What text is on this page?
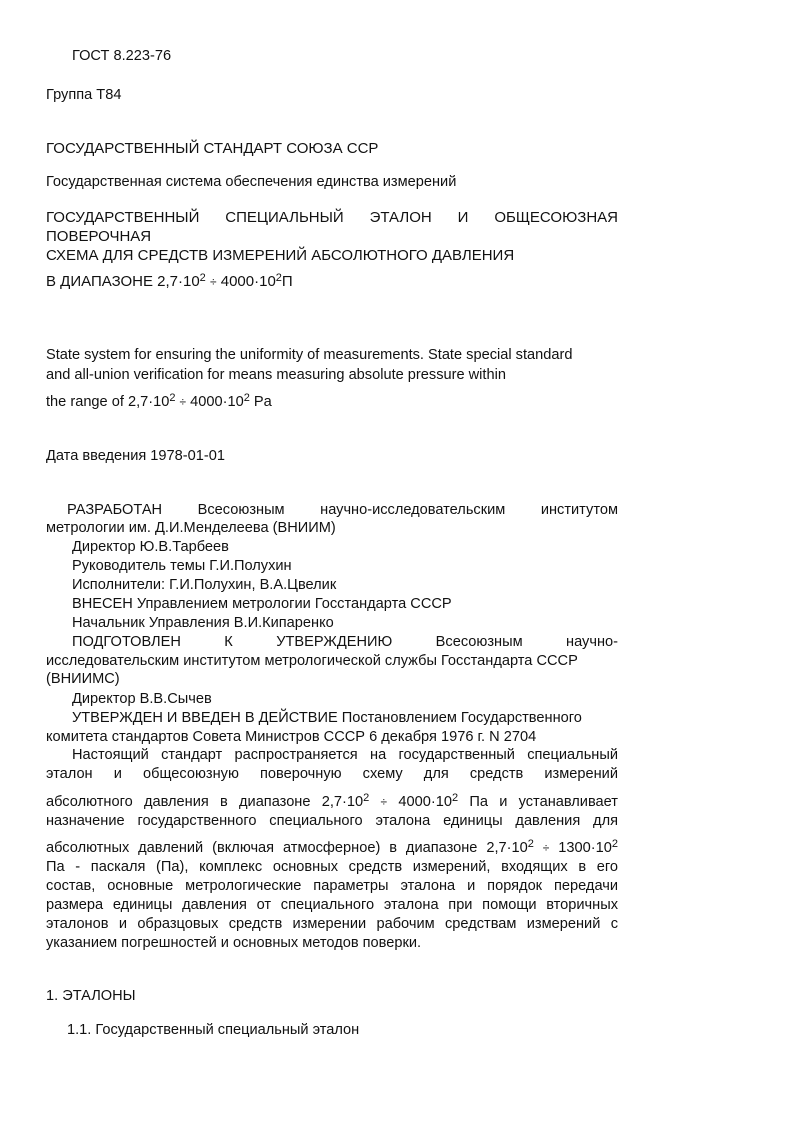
ГОСТ 8.223-76
Группа Т84
ГОСУДАРСТВЕННЫЙ СТАНДАРТ СОЮЗА ССР
Государственная система обеспечения единства измерений
ГОСУДАРСТВЕННЫЙ СПЕЦИАЛЬНЫЙ ЭТАЛОН И ОБЩЕСОЮЗНАЯ
ПОВЕРОЧНАЯ
СХЕМА ДЛЯ СРЕДСТВ ИЗМЕРЕНИЙ АБСОЛЮТНОГО ДАВЛЕНИЯ
В ДИАПАЗОНЕ $2,7\cdot 10^2 \div 4000\cdot 10^2П$
State system for ensuring the uniformity of measurements. State special standard
and all-union verification for means measuring absolute pressure within
the range of $2,7\cdot 10^2 \div 4000\cdot 10^2$ Pa
Дата введения 1978-01-01
РАЗРАБОТАН Всесоюзным научно-исследовательским институтом
метрологии им. Д.И.Менделеева (ВНИИМ)
Директор Ю.В.Тарбеев
Руководитель темы Г.И.Полухин
Исполнители: Г.И.Полухин, В.А.Цвелик
ВНЕСЕН Управлением метрологии Госстандарта СССР
Начальник Управления В.И.Кипаренко
ПОДГОТОВЛЕН К УТВЕРЖДЕНИЮ Всесоюзным научно-
исследовательским институтом метрологической службы Госстандарта СССР
(ВНИИМС)
Директор В.В.Сычев
УТВЕРЖДЕН И ВВЕДЕН В ДЕЙСТВИЕ Постановлением Государственного
комитета стандартов Совета Министров СССР 6 декабря 1976 г. N 2704
Настоящий стандарт распространяется на государственный специальный
эталон и общесоюзную поверочную схему для средств измерений
абсолютного давления в диапазоне $2,7\cdot 10^2 \div 4000\cdot 10^2$ Па и устанавливает
назначение государственного специального эталона единицы давления для
абсолютных давлений (включая атмосферное) в диапазоне $2,7\cdot 10^2 \div 1300\cdot 10^2$
Па - паскаля (Па), комплекс основных средств измерений, входящих в его
состав, основные метрологические параметры эталона и порядок передачи
размера единицы давления от специального эталона при помощи вторичных
эталонов и образцовых средств измерении рабочим средствам измерений с
указанием погрешностей и основных методов поверки.
1. ЭТАЛОНЫ
1.1. Государственный специальный эталон
